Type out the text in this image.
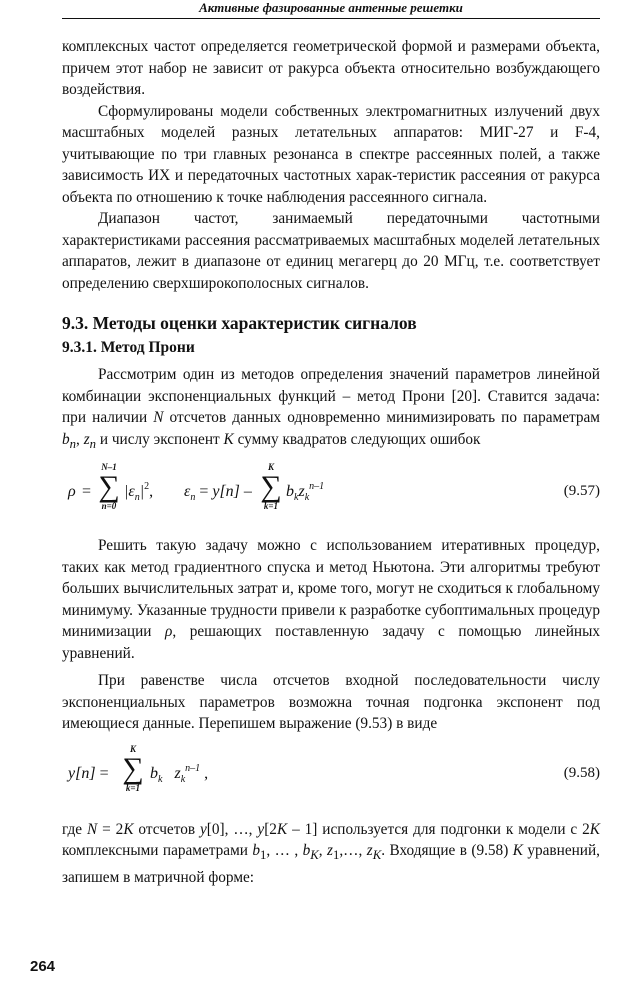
Активные фазированные антенные решетки

комплексных частот определяется геометрической формой и размерами объекта, причем этот набор не зависит от ракурса объекта относительно возбуждающего воздействия.

Сформулированы модели собственных электромагнитных излучений двух масштабных моделей разных летательных аппаратов: МИГ-27 и F-4, учитывающие по три главных резонанса в спектре рассеянных полей, а также зависимость ИХ и передаточных частотных харак-теристик рассеяния от ракурса объекта по отношению к точке наблюдения рассеянного сигнала.

Диапазон частот, занимаемый передаточными частотными характеристиками рассеяния рассматриваемых масштабных моделей летательных аппаратов, лежит в диапазоне от единиц мегагерц до 20 МГц, т.е. соответствует определению сверхширокополосных сигналов.

9.3. Методы оценки характеристик сигналов
9.3.1. Метод Прони

Рассмотрим один из методов определения значений параметров линейной комбинации экспоненциальных функций – метод Прони [20]. Ставится задача: при наличии N отсчетов данных одновременно минимизировать по параметрам $b_n$, $z_n$ и числу экспонент K сумму квадратов следующих ошибок

ρ =
N–1
∑
n=0
$|\varepsilon_n|^2$, $\varepsilon_n = y[n]$ –
K
∑
k=1
$b_kz_k^{n-1}$	(9.57)

Решить такую задачу можно с использованием итеративных процедур, таких как метод градиентного спуска и метод Ньютона. Эти алгоритмы требуют больших вычислительных затрат и, кроме того, могут не сходиться к глобальному минимуму. Указанные трудности привели к разработке субоптимальных процедур минимизации ρ, решающих поставленную задачу с помощью линейных уравнений.

При равенстве числа отсчетов входной последовательности числу экспоненциальных параметров возможна точная подгонка экспонент под имеющиеся данные. Перепишем выражение (9.53) в виде

y[n] =
K
∑
k=1
$b_k$ $z_k^{n-1}$ ,	(9.58)

где N = 2K отсчетов y[0], …, y[2K – 1] используется для подгонки к модели с 2K комплексными параметрами $b_1$, … , $b_K$, $z_1,\dots$, $z_K$. Входящие в (9.58) K уравнений, запишем в матричной форме:

264
